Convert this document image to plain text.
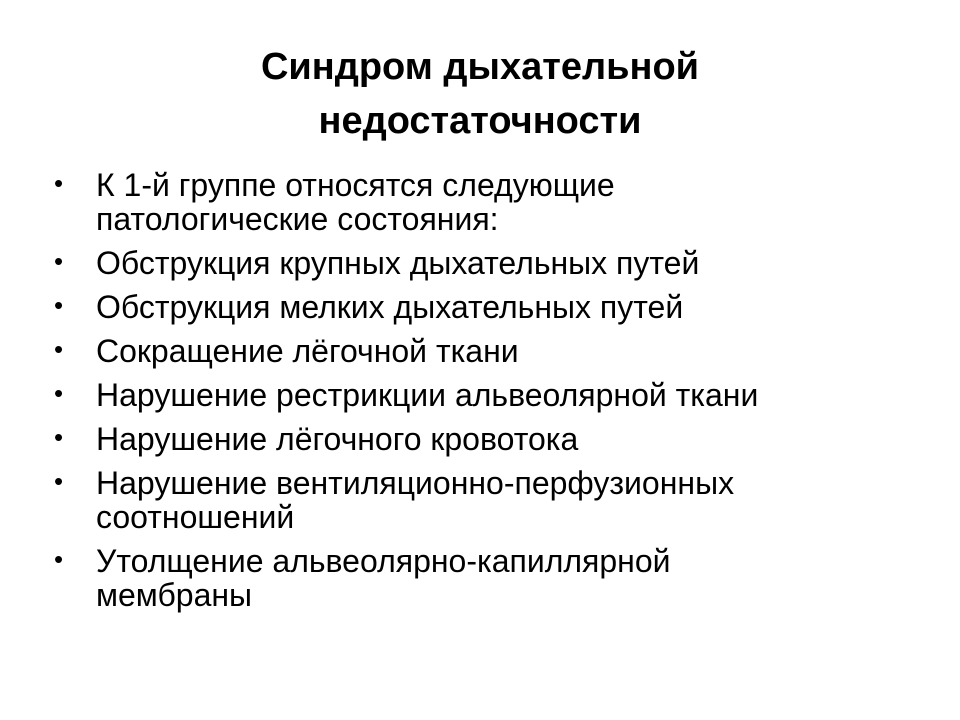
Синдром дыхательной
недостаточности
• К 1-й группе относятся следующие
патологические состояния:
• Обструкция крупных дыхательных путей
• Обструкция мелких дыхательных путей
• Сокращение лёгочной ткани
• Нарушение рестрикции альвеолярной ткани
• Нарушение лёгочного кровотока
• Нарушение вентиляционно-перфузионных
соотношений
• Утолщение альвеолярно-капиллярной
мембраны
